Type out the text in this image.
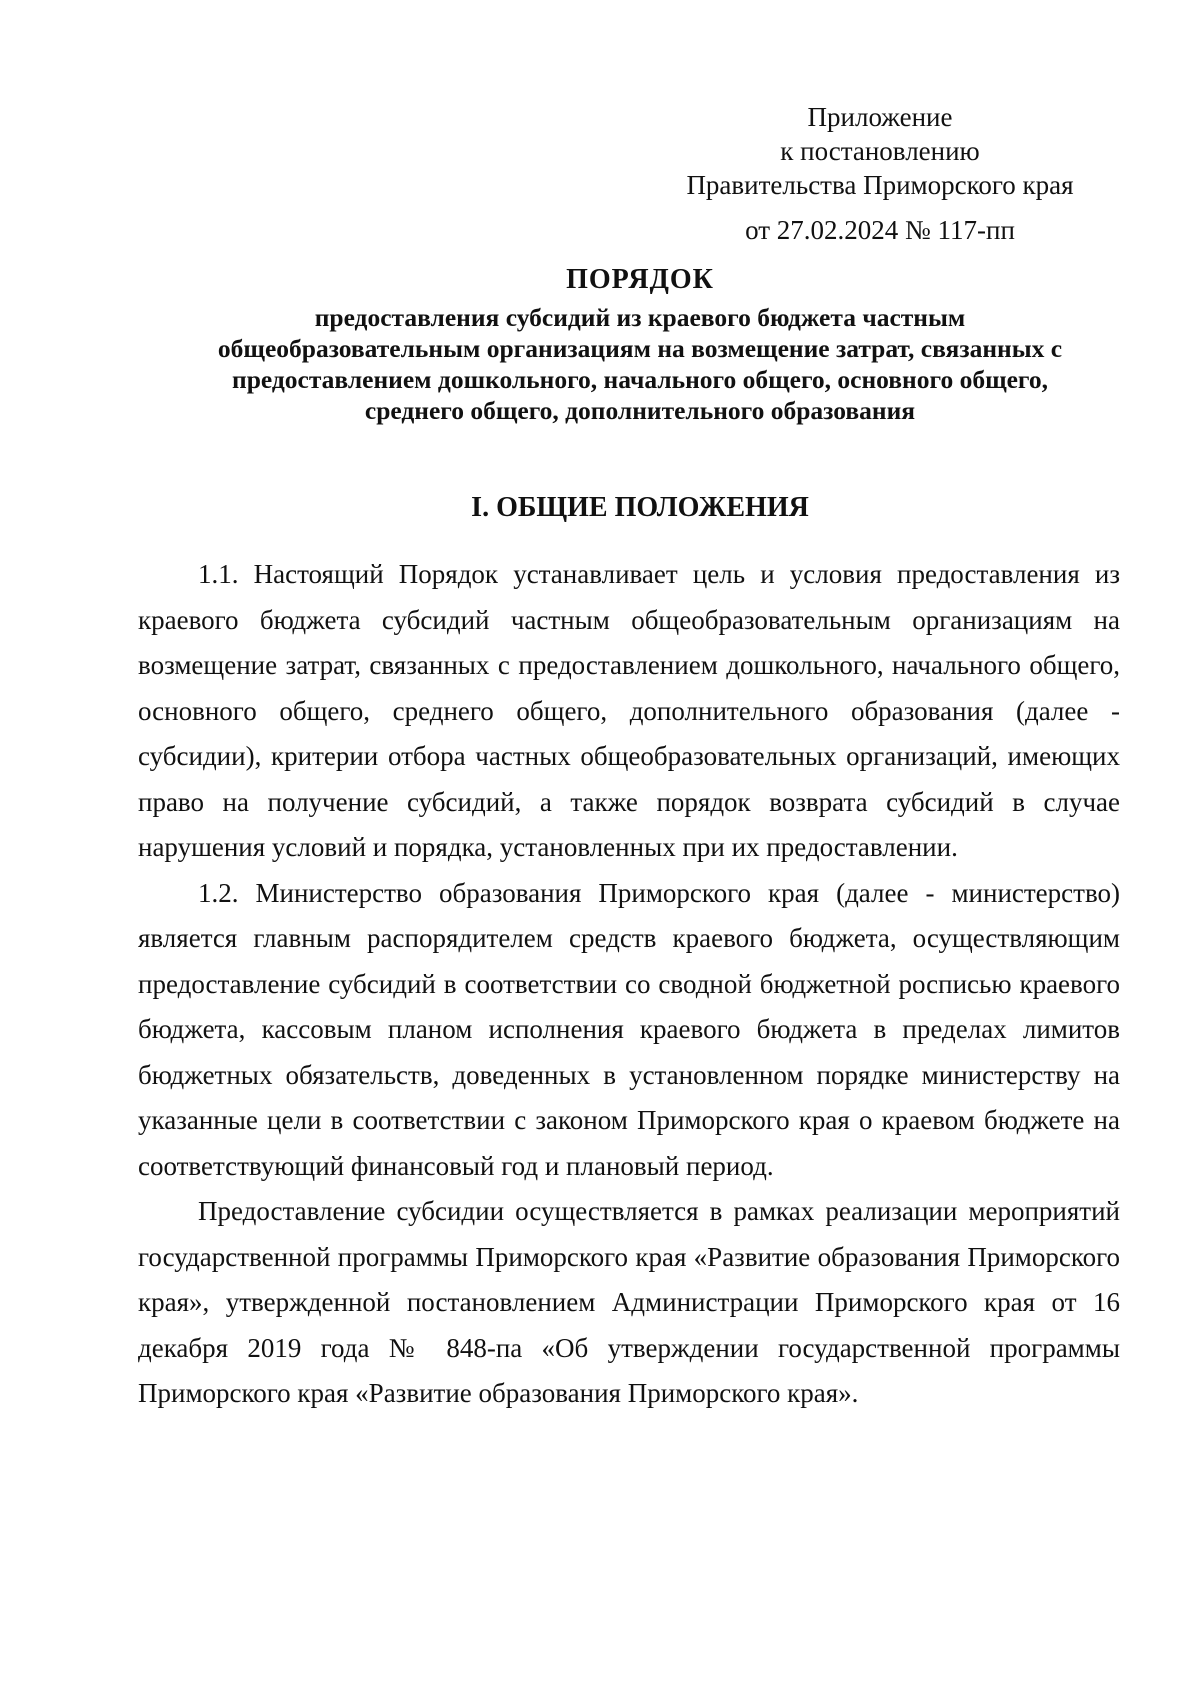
Приложение
к постановлению
Правительства Приморского края
от 27.02.2024 № 117-пп
ПОРЯДОК
предоставления субсидий из краевого бюджета частным
общеобразовательным организациям на возмещение затрат, связанных с
предоставлением дошкольного, начального общего, основного общего,
среднего общего, дополнительного образования
I. ОБЩИЕ ПОЛОЖЕНИЯ

1.1. Настоящий Порядок устанавливает цель и условия предоставления из краевого бюджета субсидий частным общеобразовательным организациям на возмещение затрат, связанных с предоставлением дошкольного, начального общего, основного общего, среднего общего, дополнительного образования (далее - субсидии), критерии отбора частных общеобразовательных организаций, имеющих право на получение субсидий, а также порядок возврата субсидий в случае нарушения условий и порядка, установленных при их предоставлении.

1.2. Министерство образования Приморского края (далее - министерство) является главным распорядителем средств краевого бюджета, осуществляющим предоставление субсидий в соответствии со сводной бюджетной росписью краевого бюджета, кассовым планом исполнения краевого бюджета в пределах лимитов бюджетных обязательств, доведенных в установленном порядке министерству на указанные цели в соответствии с законом Приморского края о краевом бюджете на соответствующий финансовый год и плановый период.

Предоставление субсидии осуществляется в рамках реализации мероприятий государственной программы Приморского края «Развитие образования Приморского края», утвержденной постановлением Администрации Приморского края от 16 декабря 2019 года № 848-па «Об утверждении государственной программы Приморского края «Развитие образования Приморского края».
